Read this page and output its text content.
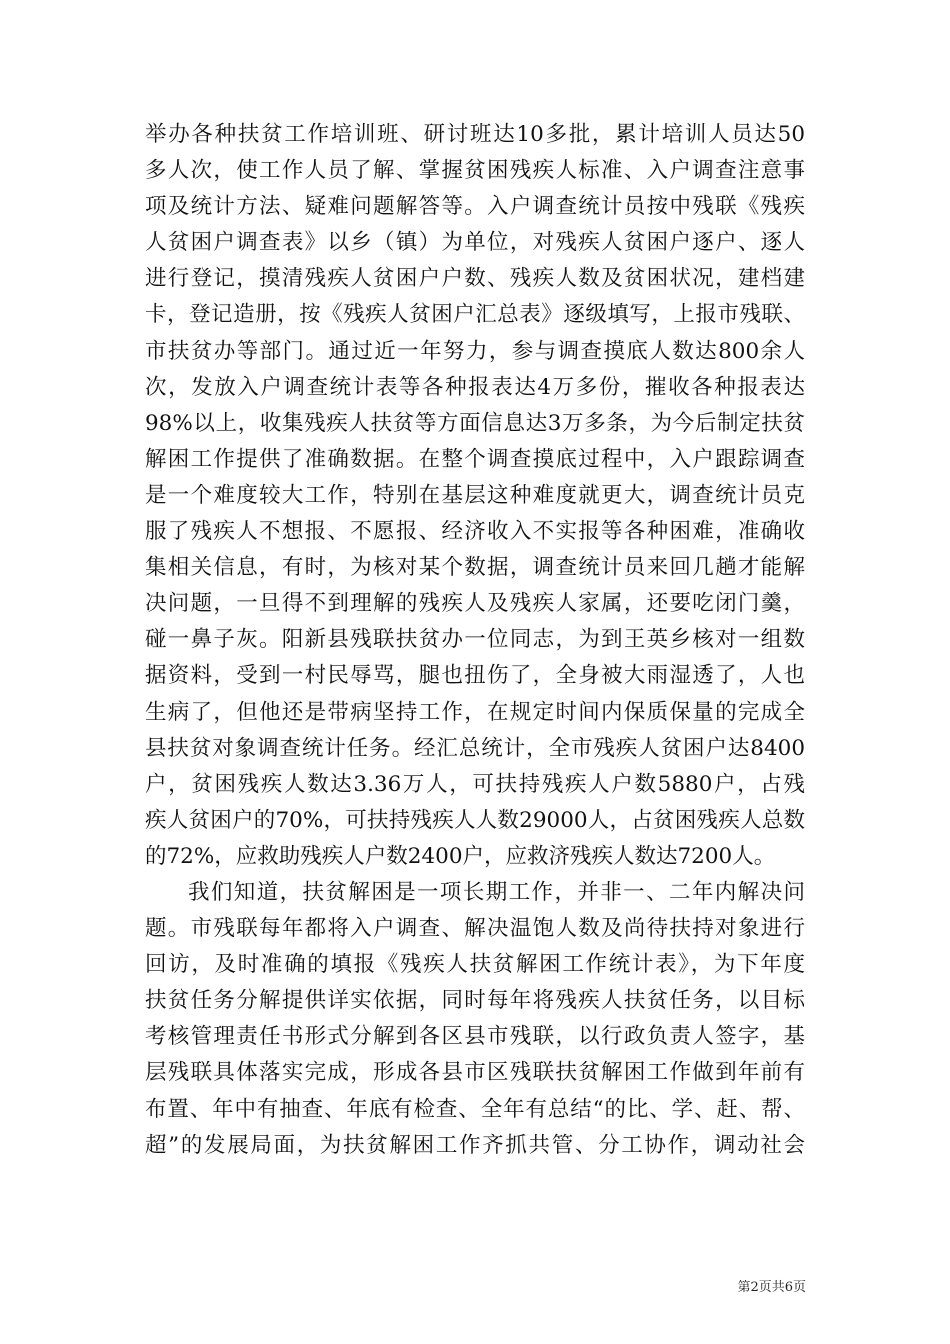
举办各种扶贫工作培训班、研讨班达10多批，累计培训人员达50
多人次，使工作人员了解、掌握贫困残疾人标准、入户调查注意事
项及统计方法、疑难问题解答等。入户调查统计员按中残联《残疾
人贫困户调查表》以乡（镇）为单位，对残疾人贫困户逐户、逐人
进行登记，摸清残疾人贫困户户数、残疾人数及贫困状况，建档建
卡，登记造册，按《残疾人贫困户汇总表》逐级填写，上报市残联、
市扶贫办等部门。通过近一年努力，参与调查摸底人数达800余人
次，发放入户调查统计表等各种报表达4万多份，摧收各种报表达
98%以上，收集残疾人扶贫等方面信息达3万多条，为今后制定扶贫
解困工作提供了准确数据。在整个调查摸底过程中，入户跟踪调查
是一个难度较大工作，特别在基层这种难度就更大，调查统计员克
服了残疾人不想报、不愿报、经济收入不实报等各种困难，准确收
集相关信息，有时，为核对某个数据，调查统计员来回几趟才能解
决问题，一旦得不到理解的残疾人及残疾人家属，还要吃闭门羹，
碰一鼻子灰。阳新县残联扶贫办一位同志，为到王英乡核对一组数
据资料，受到一村民辱骂，腿也扭伤了，全身被大雨湿透了，人也
生病了，但他还是带病坚持工作，在规定时间内保质保量的完成全
县扶贫对象调查统计任务。经汇总统计，全市残疾人贫困户达8400
户，贫困残疾人数达3.36万人，可扶持残疾人户数5880户，占残
疾人贫困户的70%，可扶持残疾人人数29000人，占贫困残疾人总数
的72%，应救助残疾人户数2400户，应救济残疾人数达7200人。
我们知道，扶贫解困是一项长期工作，并非一、二年内解决问
题。市残联每年都将入户调查、解决温饱人数及尚待扶持对象进行
回访，及时准确的填报《残疾人扶贫解困工作统计表》，为下年度
扶贫任务分解提供详实依据，同时每年将残疾人扶贫任务，以目标
考核管理责任书形式分解到各区县市残联，以行政负责人签字，基
层残联具体落实完成，形成各县市区残联扶贫解困工作做到年前有
布置、年中有抽查、年底有检查、全年有总结“的比、学、赶、帮、
超”的发展局面，为扶贫解困工作齐抓共管、分工协作，调动社会
第2页共6页
